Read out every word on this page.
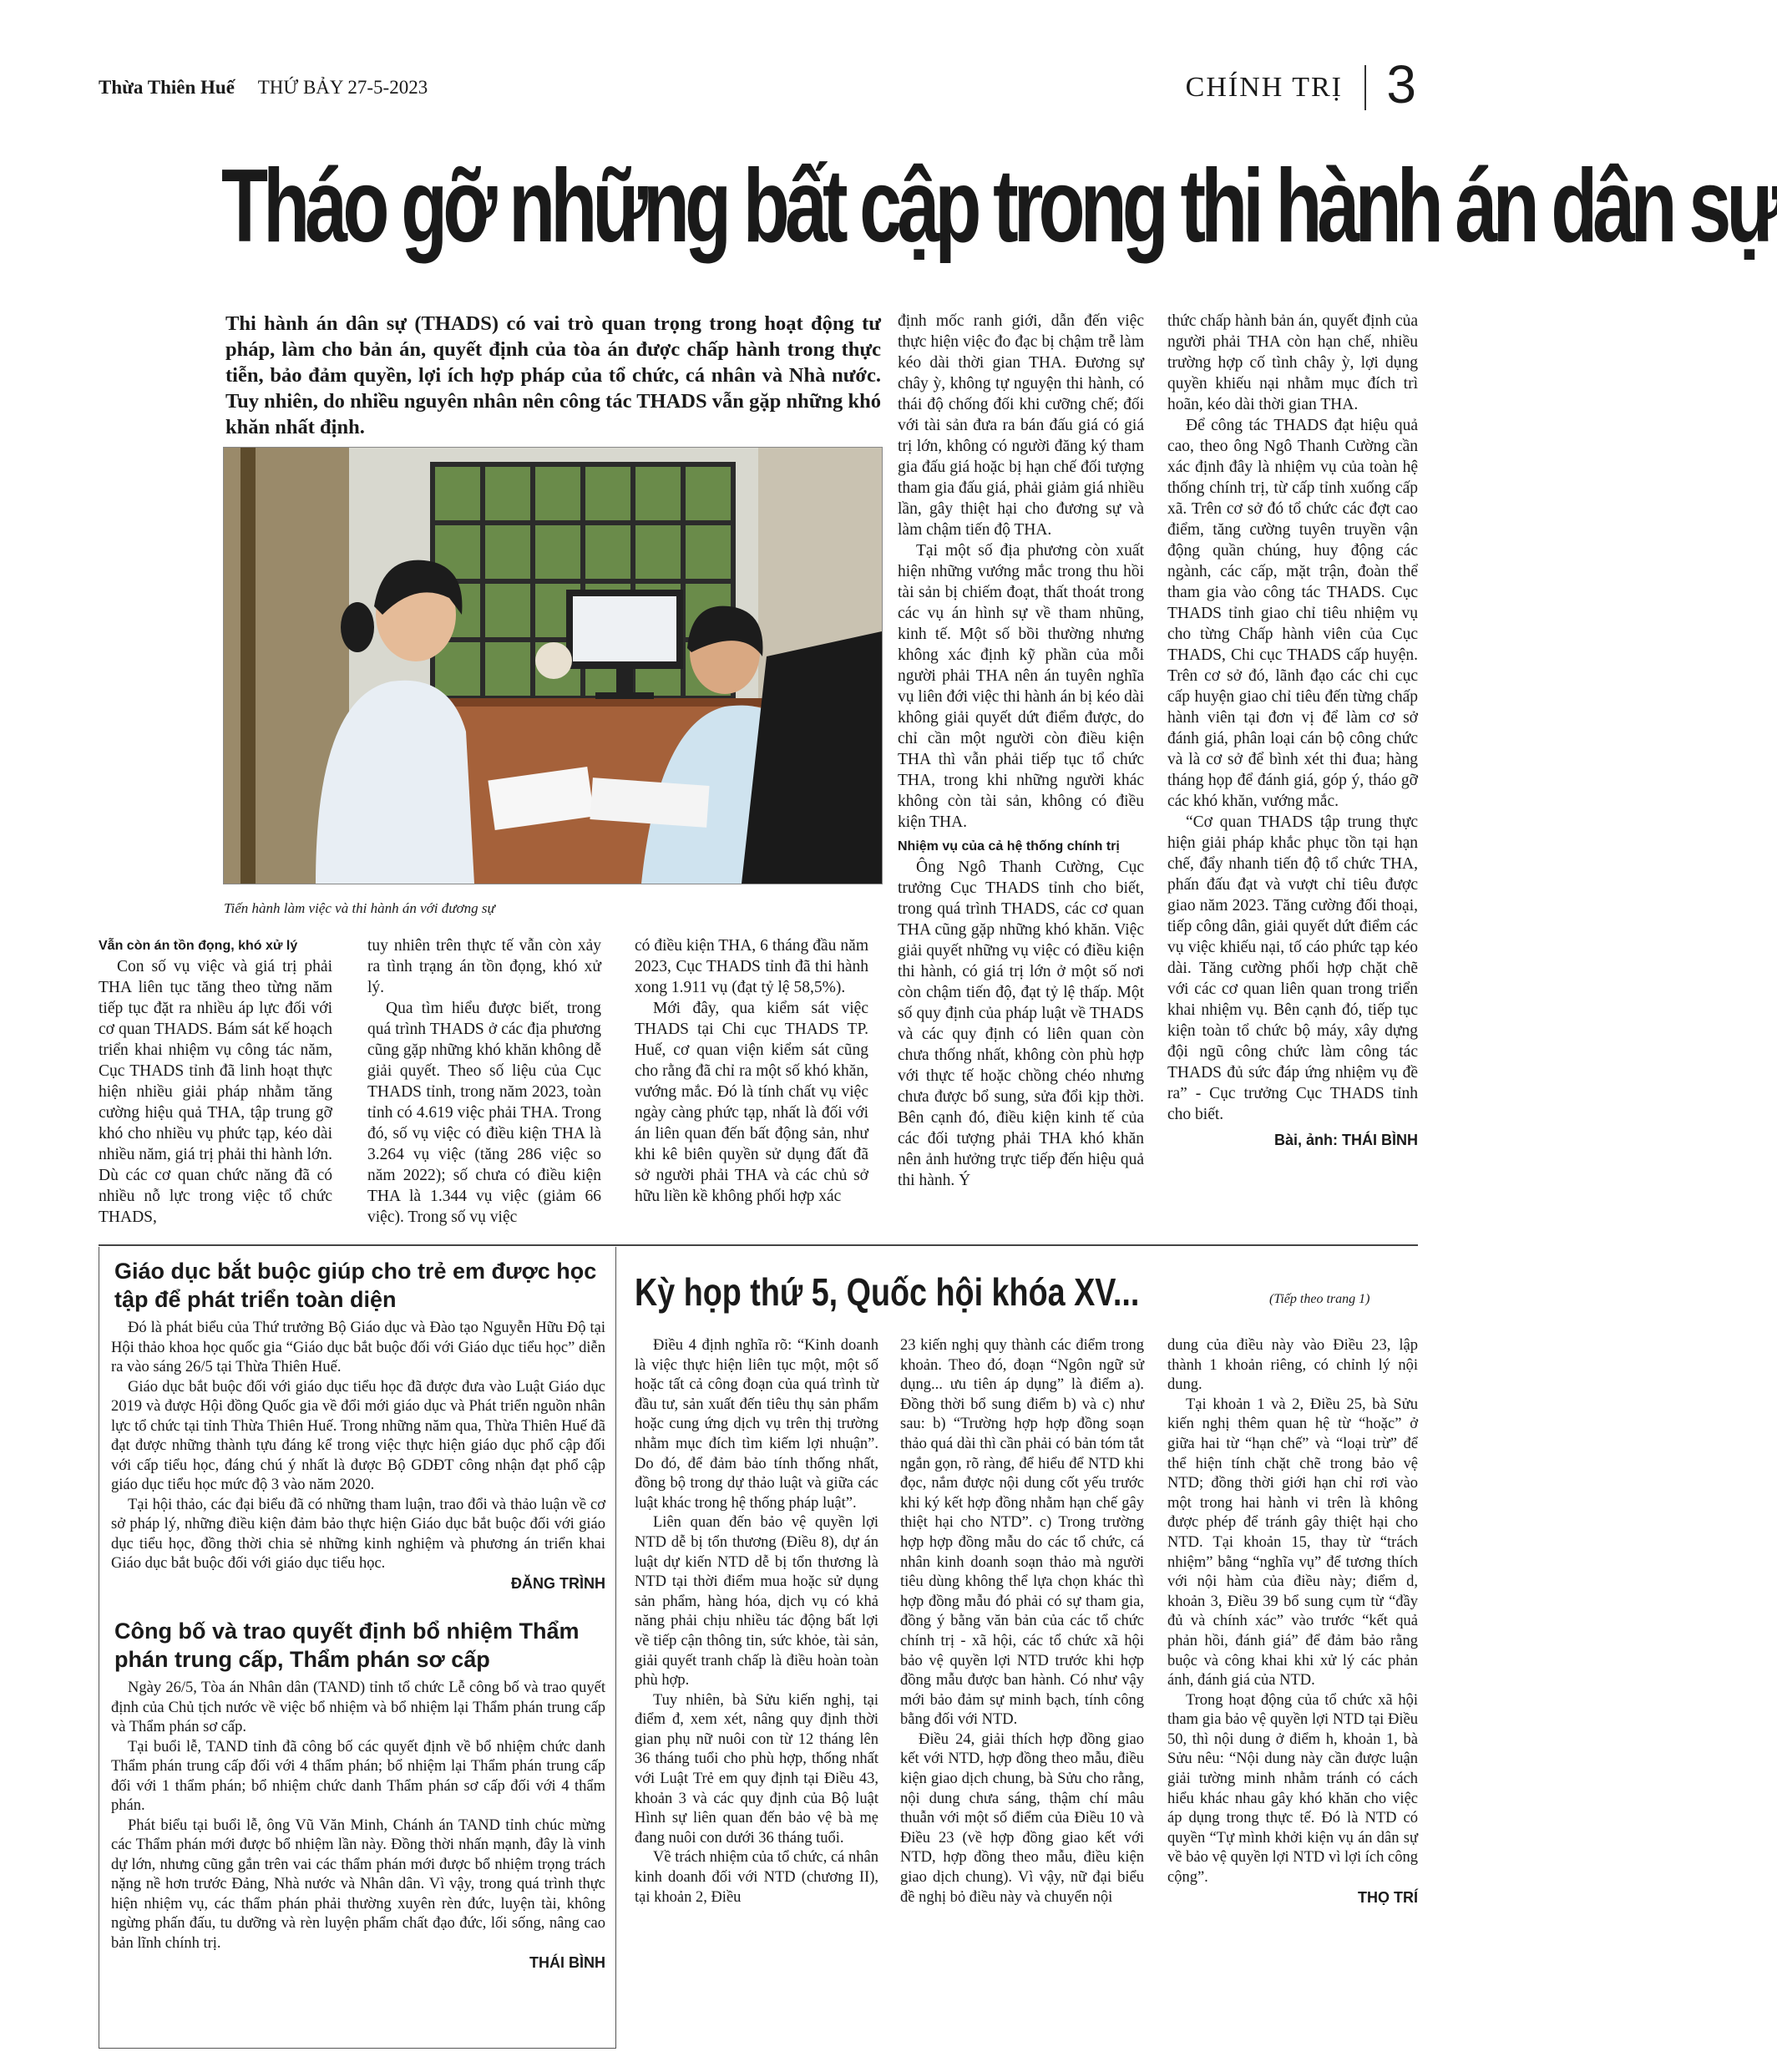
Thừa Thiên Huế THỨ BẢY 27-5-2023	CHÍNH TRỊ 3
Tháo gỡ những bất cập trong thi hành án dân sự
Thi hành án dân sự (THADS) có vai trò quan trọng trong hoạt động tư pháp, làm cho bản án, quyết định của tòa án được chấp hành trong thực tiễn, bảo đảm quyền, lợi ích hợp pháp của tổ chức, cá nhân và Nhà nước. Tuy nhiên, do nhiều nguyên nhân nên công tác THADS vẫn gặp những khó khăn nhất định.
Tiến hành làm việc và thi hành án với đương sự

Vẫn còn án tồn đọng, khó xử lý

Con số vụ việc và giá trị phải THA liên tục tăng theo từng năm tiếp tục đặt ra nhiều áp lực đối với cơ quan THADS. Bám sát kế hoạch triển khai nhiệm vụ công tác năm, Cục THADS tỉnh đã linh hoạt thực hiện nhiều giải pháp nhằm tăng cường hiệu quả THA, tập trung gỡ khó cho nhiều vụ phức tạp, kéo dài nhiều năm, giá trị phải thi hành lớn. Dù các cơ quan chức năng đã có nhiều nỗ lực trong việc tổ chức THADS,

tuy nhiên trên thực tế vẫn còn xảy ra tình trạng án tồn đọng, khó xử lý.

Qua tìm hiểu được biết, trong quá trình THADS ở các địa phương cũng gặp những khó khăn không dễ giải quyết. Theo số liệu của Cục THADS tỉnh, trong năm 2023, toàn tỉnh có 4.619 việc phải THA. Trong đó, số vụ việc có điều kiện THA là 3.264 vụ việc (tăng 286 việc so năm 2022); số chưa có điều kiện THA là 1.344 vụ việc (giảm 66 việc). Trong số vụ việc

có điều kiện THA, 6 tháng đầu năm 2023, Cục THADS tỉnh đã thi hành xong 1.911 vụ (đạt tỷ lệ 58,5%).

Mới đây, qua kiểm sát việc THADS tại Chi cục THADS TP. Huế, cơ quan viện kiểm sát cũng cho rằng đã chỉ ra một số khó khăn, vướng mắc. Đó là tính chất vụ việc ngày càng phức tạp, nhất là đối với án liên quan đến bất động sản, như khi kê biên quyền sử dụng đất đã sở người phải THA và các chủ sở hữu liền kề không phối hợp xác

định mốc ranh giới, dẫn đến việc thực hiện việc đo đạc bị chậm trễ làm kéo dài thời gian THA. Đương sự chây ỳ, không tự nguyện thi hành, có thái độ chống đối khi cưỡng chế; đối với tài sản đưa ra bán đấu giá có giá trị lớn, không có người đăng ký tham gia đấu giá hoặc bị hạn chế đối tượng tham gia đấu giá, phải giảm giá nhiều lần, gây thiệt hại cho đương sự và làm chậm tiến độ THA.

Tại một số địa phương còn xuất hiện những vướng mắc trong thu hồi tài sản bị chiếm đoạt, thất thoát trong các vụ án hình sự về tham nhũng, kinh tế. Một số bồi thường nhưng không xác định kỹ phần của mỗi người phải THA nên án tuyên nghĩa vụ liên đới việc thi hành án bị kéo dài không giải quyết dứt điểm được, do chỉ cần một người còn điều kiện THA thì vẫn phải tiếp tục tổ chức THA, trong khi những người khác không còn tài sản, không có điều kiện THA.

Nhiệm vụ của cả hệ thống chính trị

Ông Ngô Thanh Cường, Cục trưởng Cục THADS tỉnh cho biết, trong quá trình THADS, các cơ quan THA cũng gặp những khó khăn. Việc giải quyết những vụ việc có điều kiện thi hành, có giá trị lớn ở một số nơi còn chậm tiến độ, đạt tỷ lệ thấp. Một số quy định của pháp luật về THADS và các quy định có liên quan còn chưa thống nhất, không còn phù hợp với thực tế hoặc chồng chéo nhưng chưa được bổ sung, sửa đổi kịp thời. Bên cạnh đó, điều kiện kinh tế của các đối tượng phải THA khó khăn nên ảnh hưởng trực tiếp đến hiệu quả thi hành. Ý

thức chấp hành bản án, quyết định của người phải THA còn hạn chế, nhiều trường hợp cố tình chây ỳ, lợi dụng quyền khiếu nại nhằm mục đích trì hoãn, kéo dài thời gian THA.

Để công tác THADS đạt hiệu quả cao, theo ông Ngô Thanh Cường cần xác định đây là nhiệm vụ của toàn hệ thống chính trị, từ cấp tỉnh xuống cấp xã. Trên cơ sở đó tổ chức các đợt cao điểm, tăng cường tuyên truyền vận động quần chúng, huy động các ngành, các cấp, mặt trận, đoàn thể tham gia vào công tác THADS. Cục THADS tỉnh giao chỉ tiêu nhiệm vụ cho từng Chấp hành viên của Cục THADS, Chi cục THADS cấp huyện. Trên cơ sở đó, lãnh đạo các chi cục cấp huyện giao chỉ tiêu đến từng chấp hành viên tại đơn vị để làm cơ sở đánh giá, phân loại cán bộ công chức và là cơ sở để bình xét thi đua; hàng tháng họp để đánh giá, góp ý, tháo gỡ các khó khăn, vướng mắc.

“Cơ quan THADS tập trung thực hiện giải pháp khắc phục tồn tại hạn chế, đẩy nhanh tiến độ tổ chức THA, phấn đấu đạt và vượt chỉ tiêu được giao năm 2023. Tăng cường đối thoại, tiếp công dân, giải quyết dứt điểm các vụ việc khiếu nại, tố cáo phức tạp kéo dài. Tăng cường phối hợp chặt chẽ với các cơ quan liên quan trong triển khai nhiệm vụ. Bên cạnh đó, tiếp tục kiện toàn tổ chức bộ máy, xây dựng đội ngũ công chức làm công tác THADS đủ sức đáp ứng nhiệm vụ đề ra” - Cục trưởng Cục THADS tỉnh cho biết.

Bài, ảnh: THÁI BÌNH

Giáo dục bắt buộc giúp cho trẻ em được học tập để phát triển toàn diện

Đó là phát biểu của Thứ trưởng Bộ Giáo dục và Đào tạo Nguyễn Hữu Độ tại Hội thảo khoa học quốc gia “Giáo dục bắt buộc đối với Giáo dục tiểu học” diễn ra vào sáng 26/5 tại Thừa Thiên Huế.

Giáo dục bắt buộc đối với giáo dục tiểu học đã được đưa vào Luật Giáo dục 2019 và được Hội đồng Quốc gia về đổi mới giáo dục và Phát triển nguồn nhân lực tổ chức tại tỉnh Thừa Thiên Huế. Trong những năm qua, Thừa Thiên Huế đã đạt được những thành tựu đáng kể trong việc thực hiện giáo dục phổ cập đối với cấp tiểu học, đáng chú ý nhất là được Bộ GDĐT công nhận đạt phổ cập giáo dục tiểu học mức độ 3 vào năm 2020.

Tại hội thảo, các đại biểu đã có những tham luận, trao đổi và thảo luận về cơ sở pháp lý, những điều kiện đảm bảo thực hiện Giáo dục bắt buộc đối với giáo dục tiểu học, đồng thời chia sẻ những kinh nghiệm và phương án triển khai Giáo dục bắt buộc đối với giáo dục tiểu học.

ĐĂNG TRÌNH

Công bố và trao quyết định bổ nhiệm Thẩm phán trung cấp, Thẩm phán sơ cấp

Ngày 26/5, Tòa án Nhân dân (TAND) tỉnh tổ chức Lễ công bố và trao quyết định của Chủ tịch nước về việc bổ nhiệm và bổ nhiệm lại Thẩm phán trung cấp và Thẩm phán sơ cấp.

Tại buổi lễ, TAND tỉnh đã công bố các quyết định về bổ nhiệm chức danh Thẩm phán trung cấp đối với 4 thẩm phán; bổ nhiệm lại Thẩm phán trung cấp đối với 1 thẩm phán; bổ nhiệm chức danh Thẩm phán sơ cấp đối với 4 thẩm phán.

Phát biểu tại buổi lễ, ông Vũ Văn Minh, Chánh án TAND tỉnh chúc mừng các Thẩm phán mới được bổ nhiệm lần này. Đồng thời nhấn mạnh, đây là vinh dự lớn, nhưng cũng gắn trên vai các thẩm phán mới được bổ nhiệm trọng trách nặng nề hơn trước Đảng, Nhà nước và Nhân dân. Vì vậy, trong quá trình thực hiện nhiệm vụ, các thẩm phán phải thường xuyên rèn đức, luyện tài, không ngừng phấn đấu, tu dưỡng và rèn luyện phẩm chất đạo đức, lối sống, nâng cao bản lĩnh chính trị.

THÁI BÌNH

Kỳ họp thứ 5, Quốc hội khóa XV...	(Tiếp theo trang 1)

Điều 4 định nghĩa rõ: “Kinh doanh là việc thực hiện liên tục một, một số hoặc tất cả công đoạn của quá trình từ đầu tư, sản xuất đến tiêu thụ sản phẩm hoặc cung ứng dịch vụ trên thị trường nhằm mục đích tìm kiếm lợi nhuận”. Do đó, để đảm bảo tính thống nhất, đồng bộ trong dự thảo luật và giữa các luật khác trong hệ thống pháp luật”.

Liên quan đến bảo vệ quyền lợi NTD dễ bị tổn thương (Điều 8), dự án luật dự kiến NTD dễ bị tổn thương là NTD tại thời điểm mua hoặc sử dụng sản phẩm, hàng hóa, dịch vụ có khả năng phải chịu nhiều tác động bất lợi về tiếp cận thông tin, sức khỏe, tài sản, giải quyết tranh chấp là điều hoàn toàn phù hợp.

Tuy nhiên, bà Sửu kiến nghị, tại điểm đ, xem xét, nâng quy định thời gian phụ nữ nuôi con từ 12 tháng lên 36 tháng tuổi cho phù hợp, thống nhất với Luật Trẻ em quy định tại Điều 43, khoản 3 và các quy định của Bộ luật Hình sự liên quan đến bảo vệ bà mẹ đang nuôi con dưới 36 tháng tuổi.

Về trách nhiệm của tổ chức, cá nhân kinh doanh đối với NTD (chương II), tại khoản 2, Điều

23 kiến nghị quy thành các điểm trong khoản. Theo đó, đoạn “Ngôn ngữ sử dụng... ưu tiên áp dụng” là điểm a). Đồng thời bổ sung điểm b) và c) như sau: b) “Trường hợp hợp đồng soạn thảo quá dài thì cần phải có bản tóm tắt ngắn gọn, rõ ràng, để hiểu để NTD khi đọc, nắm được nội dung cốt yếu trước khi ký kết hợp đồng nhằm hạn chế gây thiệt hại cho NTD”. c) Trong trường hợp hợp đồng mẫu do các tổ chức, cá nhân kinh doanh soạn thảo mà người tiêu dùng không thể lựa chọn khác thì hợp đồng mẫu đó phải có sự tham gia, đồng ý bằng văn bản của các tổ chức chính trị - xã hội, các tổ chức xã hội bảo vệ quyền lợi NTD trước khi hợp đồng mẫu được ban hành. Có như vậy mới bảo đảm sự minh bạch, tính công bằng đối với NTD.

Điều 24, giải thích hợp đồng giao kết với NTD, hợp đồng theo mẫu, điều kiện giao dịch chung, bà Sửu cho rằng, nội dung chưa sáng, thậm chí mâu thuẫn với một số điểm của Điều 10 và Điều 23 (về hợp đồng giao kết với NTD, hợp đồng theo mẫu, điều kiện giao dịch chung). Vì vậy, nữ đại biểu đề nghị bỏ điều này và chuyển nội

dung của điều này vào Điều 23, lập thành 1 khoản riêng, có chỉnh lý nội dung.

Tại khoản 1 và 2, Điều 25, bà Sửu kiến nghị thêm quan hệ từ “hoặc” ở giữa hai từ “hạn chế” và “loại trừ” để thể hiện tính chặt chẽ trong bảo vệ NTD; đồng thời giới hạn chỉ rơi vào một trong hai hành vi trên là không được phép để tránh gây thiệt hại cho NTD. Tại khoản 15, thay từ “trách nhiệm” bằng “nghĩa vụ” để tương thích với nội hàm của điều này; điểm d, khoản 3, Điều 39 bổ sung cụm từ “đầy đủ và chính xác” vào trước “kết quả phản hồi, đánh giá” để đảm bảo rằng buộc và công khai khi xử lý các phản ánh, đánh giá của NTD.

Trong hoạt động của tổ chức xã hội tham gia bảo vệ quyền lợi NTD tại Điều 50, thì nội dung ở điểm h, khoản 1, bà Sửu nêu: “Nội dung này cần được luận giải tường minh nhằm tránh có cách hiểu khác nhau gây khó khăn cho việc áp dụng trong thực tế. Đó là NTD có quyền “Tự mình khởi kiện vụ án dân sự về bảo vệ quyền lợi NTD vì lợi ích công cộng”.

THỌ TRÍ
